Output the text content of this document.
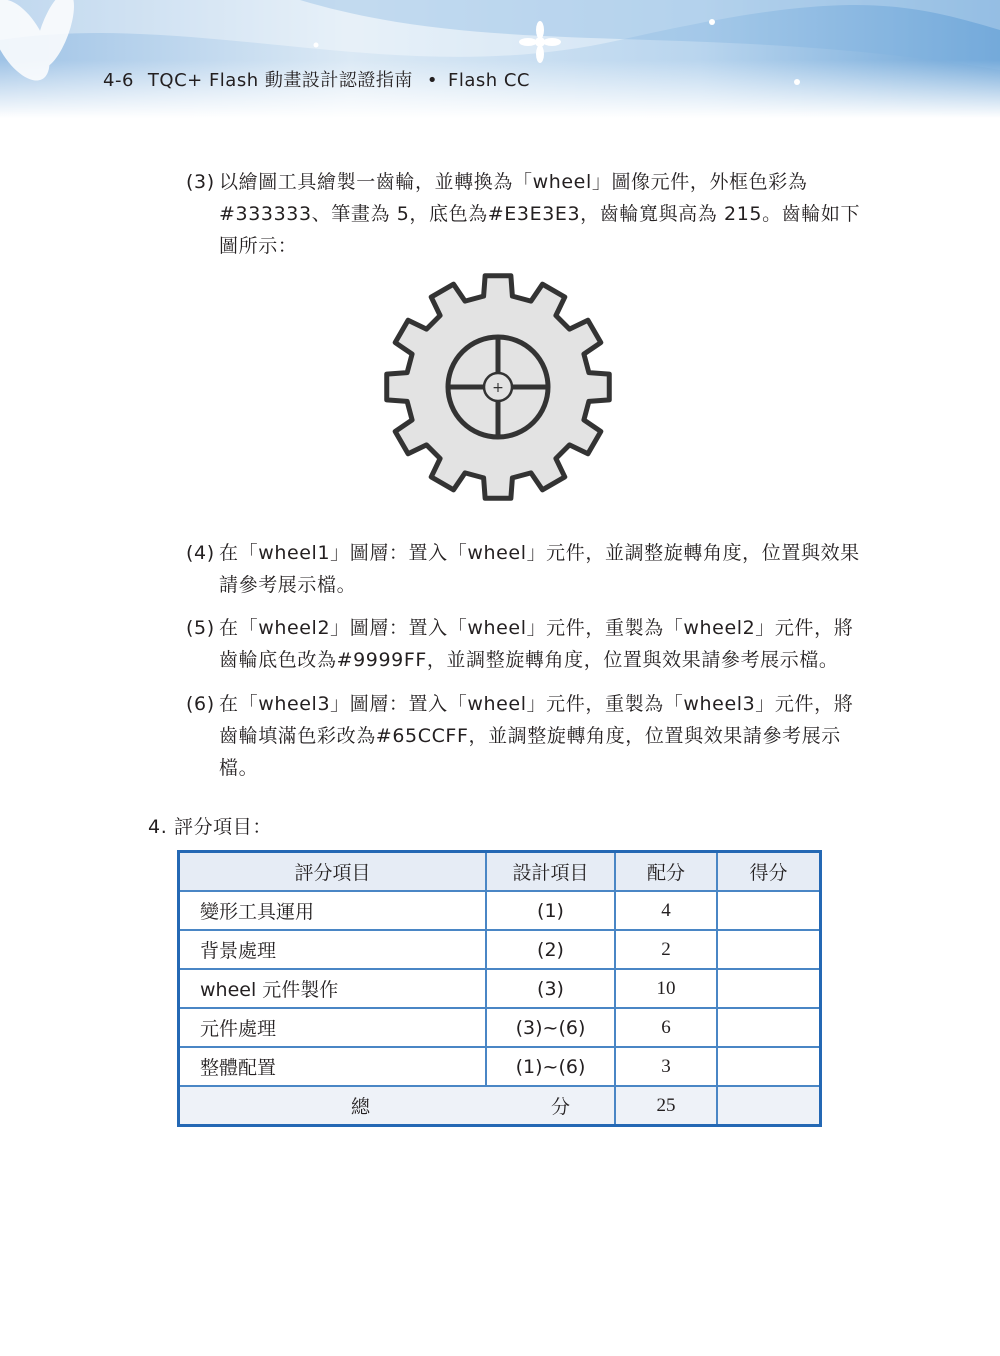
4-6 TQC+ Flash 動畫設計認證指南 • Flash CC
(3) 以繪圖工具繪製一齒輪，並轉換為「wheel」圖像元件，外框色彩為#333333、筆畫為 5，底色為#E3E3E3，齒輪寬與高為 215。齒輪如下圖所示：
+
(4) 在「wheel1」圖層：置入「wheel」元件，並調整旋轉角度，位置與效果請參考展示檔。
(5) 在「wheel2」圖層：置入「wheel」元件，重製為「wheel2」元件，將齒輪底色改為#9999FF，並調整旋轉角度，位置與效果請參考展示檔。
(6) 在「wheel3」圖層：置入「wheel」元件，重製為「wheel3」元件，將齒輪填滿色彩改為#65CCFF，並調整旋轉角度，位置與效果請參考展示檔。
4. 評分項目：
評分項目	設計項目	配分	得分
變形工具運用	(1)	4	
背景處理	(2)	2	
wheel 元件製作	(3)	10	
元件處理	(3)~(6)	6	
整體配置	(1)~(6)	3	
總 分		25	
